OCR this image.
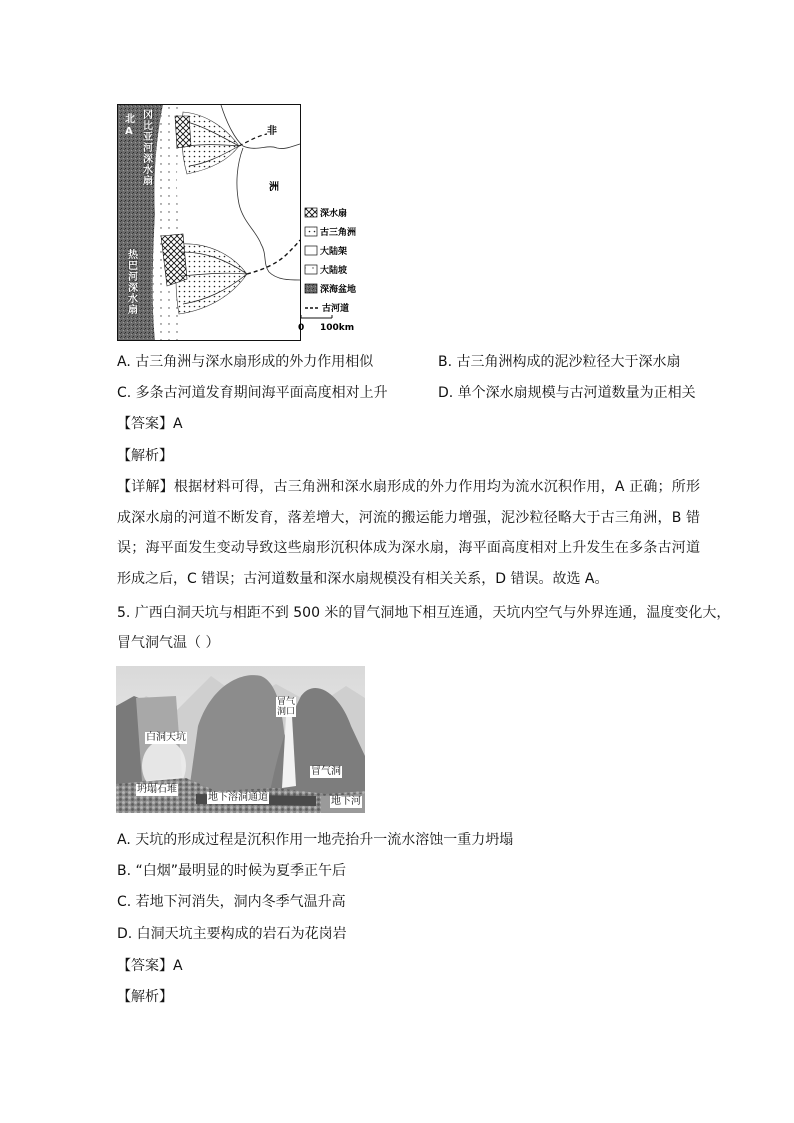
北
A	非
洲
深水扇
古三角洲
大陆架
大陆坡
深海盆地
古河道
0 100km
冈比亚河深水扇
热巴河深水扇
A. 古三角洲与深水扇形成的外力作用相似	B. 古三角洲构成的泥沙粒径大于深水扇
C. 多条古河道发育期间海平面高度相对上升	D. 单个深水扇规模与古河道数量为正相关
【答案】A
【解析】
【详解】根据材料可得，古三角洲和深水扇形成的外力作用均为流水沉积作用，A 正确；所形成深水扇的河道不断发育，落差增大，河流的搬运能力增强，泥沙粒径略大于古三角洲，B 错误；海平面发生变动导致这些扇形沉积体成为深水扇，海平面高度相对上升发生在多条古河道形成之后，C 错误；古河道数量和深水扇规模没有相关关系，D 错误。故选 A。
5. 广西白洞天坑与相距不到 500 米的冒气洞地下相互连通，天坑内空气与外界连通，温度变化大，
冒气洞气温（ ）
白洞天坑
冒气
洞口
冒气洞
坍塌石堆
地下溶洞通道	地下河
A. 天坑的形成过程是沉积作用一地壳抬升一流水溶蚀一重力坍塌
B. “白烟”最明显的时候为夏季正午后
C. 若地下河消失，洞内冬季气温升高
D. 白洞天坑主要构成的岩石为花岗岩
【答案】A
【解析】
